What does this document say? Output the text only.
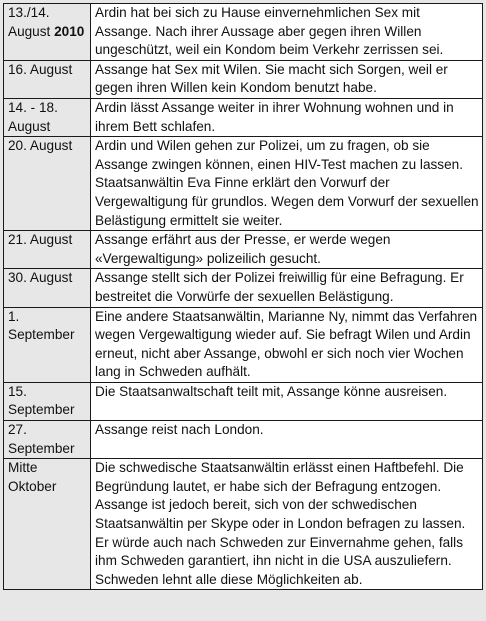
13./14.
August 2010	Ardin hat bei sich zu Hause einvernehmlichen Sex mit Assange. Nach ihrer Aussage aber gegen ihren Willen ungeschützt, weil ein Kondom beim Verkehr zerrissen sei.

16. August	Assange hat Sex mit Wilen. Sie macht sich Sorgen, weil er gegen ihren Willen kein Kondom benutzt habe.

14. - 18.
August	Ardin lässt Assange weiter in ihrer Wohnung wohnen und in ihrem Bett schlafen.

20. August	Ardin und Wilen gehen zur Polizei, um zu fragen, ob sie Assange zwingen können, einen HIV-Test machen zu lassen. Staatsanwältin Eva Finne erklärt den Vorwurf der Vergewaltigung für grundlos. Wegen dem Vorwurf der sexuellen Belästigung ermittelt sie weiter.

21. August	Assange erfährt aus der Presse, er werde wegen «Vergewaltigung» polizeilich gesucht.

30. August	Assange stellt sich der Polizei freiwillig für eine Befragung. Er bestreitet die Vorwürfe der sexuellen Belästigung.

1. September	Eine andere Staatsanwältin, Marianne Ny, nimmt das Verfahren wegen Vergewaltigung wieder auf. Sie befragt Wilen und Ardin erneut, nicht aber Assange, obwohl er sich noch vier Wochen lang in Schweden aufhält.

15.
September	Die Staatsanwaltschaft teilt mit, Assange könne ausreisen.

27.
September	Assange reist nach London.

Mitte
Oktober	Die schwedische Staatsanwältin erlässt einen Haftbefehl. Die Begründung lautet, er habe sich der Befragung entzogen. Assange ist jedoch bereit, sich von der schwedischen Staatsanwältin per Skype oder in London befragen zu lassen. Er würde auch nach Schweden zur Einvernahme gehen, falls ihm Schweden garantiert, ihn nicht in die USA auszuliefern. Schweden lehnt alle diese Möglichkeiten ab.
